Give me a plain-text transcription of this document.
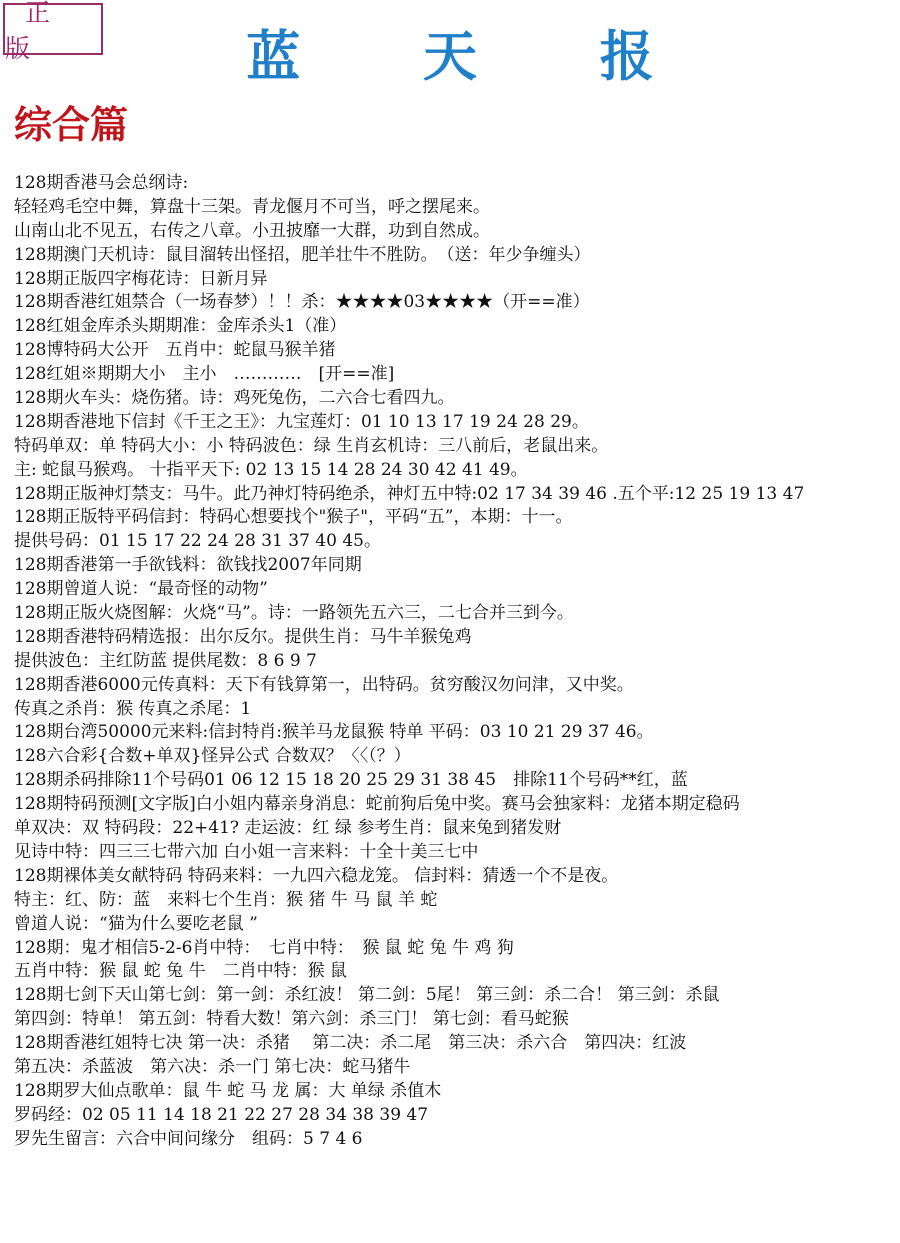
正 版	蓝 天 报
综合篇
128期香港马会总纲诗:
轻轻鸡毛空中舞，算盘十三架。青龙偃月不可当，呼之摆尾来。
山南山北不见五，右传之八章。小丑披靡一大群，功到自然成。
128期澳门天机诗：鼠目溜转出怪招，肥羊壮牛不胜防。　（送：年少争缠头）
128期正版四字梅花诗：日新月异
128期香港红姐禁合（一场春梦）！！杀：★★★★03★★★★（开==准）
128红姐金库杀头期期准：金库杀头1（准）
128博特码大公开　五肖中：蛇鼠马猴羊猪
128红姐※期期大小　主小　…………　[开==准]
128期火车头：烧伤猪。诗：鸡死兔伤，二六合七看四九。
128期香港地下信封《千王之王》：九宝莲灯：01 10 13 17 19 24 28 29。
特码单双：单 特码大小：小 特码波色：绿 生肖玄机诗：三八前后，老鼠出来。
主: 蛇鼠马猴鸡。 十指平天下: 02 13 15 14 28 24 30 42 41 49。
128期正版神灯禁支：马牛。此乃神灯特码绝杀，神灯五中特:02 17 34 39 46 .五个平:12 25 19 13 47
128期正版特平码信封：特码心想要找个"猴子"，平码“五”，本期：十一。
提供号码：01 15 17 22 24 28 31 37 40 45。
128期香港第一手欲钱料：欲钱找2007年同期
128期曾道人说：“最奇怪的动物”
128期正版火烧图解：火烧“马”。诗：一路领先五六三，二七合并三到今。
128期香港特码精选报：出尔反尔。提供生肖：马牛羊猴兔鸡
提供波色：主红防蓝 提供尾数：8 6 9 7
128期香港6000元传真料：天下有钱算第一，出特码。贫穷酸汉勿问津，又中奖。
传真之杀肖：猴 传真之杀尾：1
128期台湾50000元来料:信封特肖:猴羊马龙鼠猴 特单 平码：03 10 21 29 37 46。
128六合彩{合数+单双}怪异公式 合数双？〈〈（？）
128期杀码排除11个号码01 06 12 15 18 20 25 29 31 38 45　排除11个号码**红，蓝
128期特码预测[文字版]白小姐内幕亲身消息：蛇前狗后兔中奖。赛马会独家料：龙猪本期定稳码
单双决：双 特码段：22+41? 走运波：红 绿 参考生肖：鼠来兔到猪发财
见诗中特：四三三七带六加 白小姐一言来料：十全十美三七中
128期裸体美女献特码 特码来料：一九四六稳龙笼。 信封料：猜透一个不是夜。
特主：红、防：蓝　来料七个生肖：猴 猪 牛 马 鼠 羊 蛇
曾道人说：“猫为什么要吃老鼠 ”
128期：鬼才相信5-2-6肖中特：　七肖中特：　猴 鼠 蛇 兔 牛 鸡 狗
五肖中特：猴 鼠 蛇 兔 牛　二肖中特：猴 鼠
128期七剑下天山第七剑：第一剑：杀红波！ 第二剑：5尾！ 第三剑：杀二合！ 第三剑：杀鼠
第四剑：特单！ 第五剑：特看大数！第六剑：杀三门！ 第七剑：看马蛇猴
128期香港红姐特七决 第一决：杀猪　 第二决：杀二尾　第三决：杀六合　第四决：红波
第五决：杀蓝波　第六决：杀一门 第七决：蛇马猪牛
128期罗大仙点歌单：鼠 牛 蛇 马 龙 属：大 单绿 杀值木
罗码经：02 05 11 14 18 21 22 27 28 34 38 39 47
罗先生留言：六合中间问缘分　组码：5 7 4 6
